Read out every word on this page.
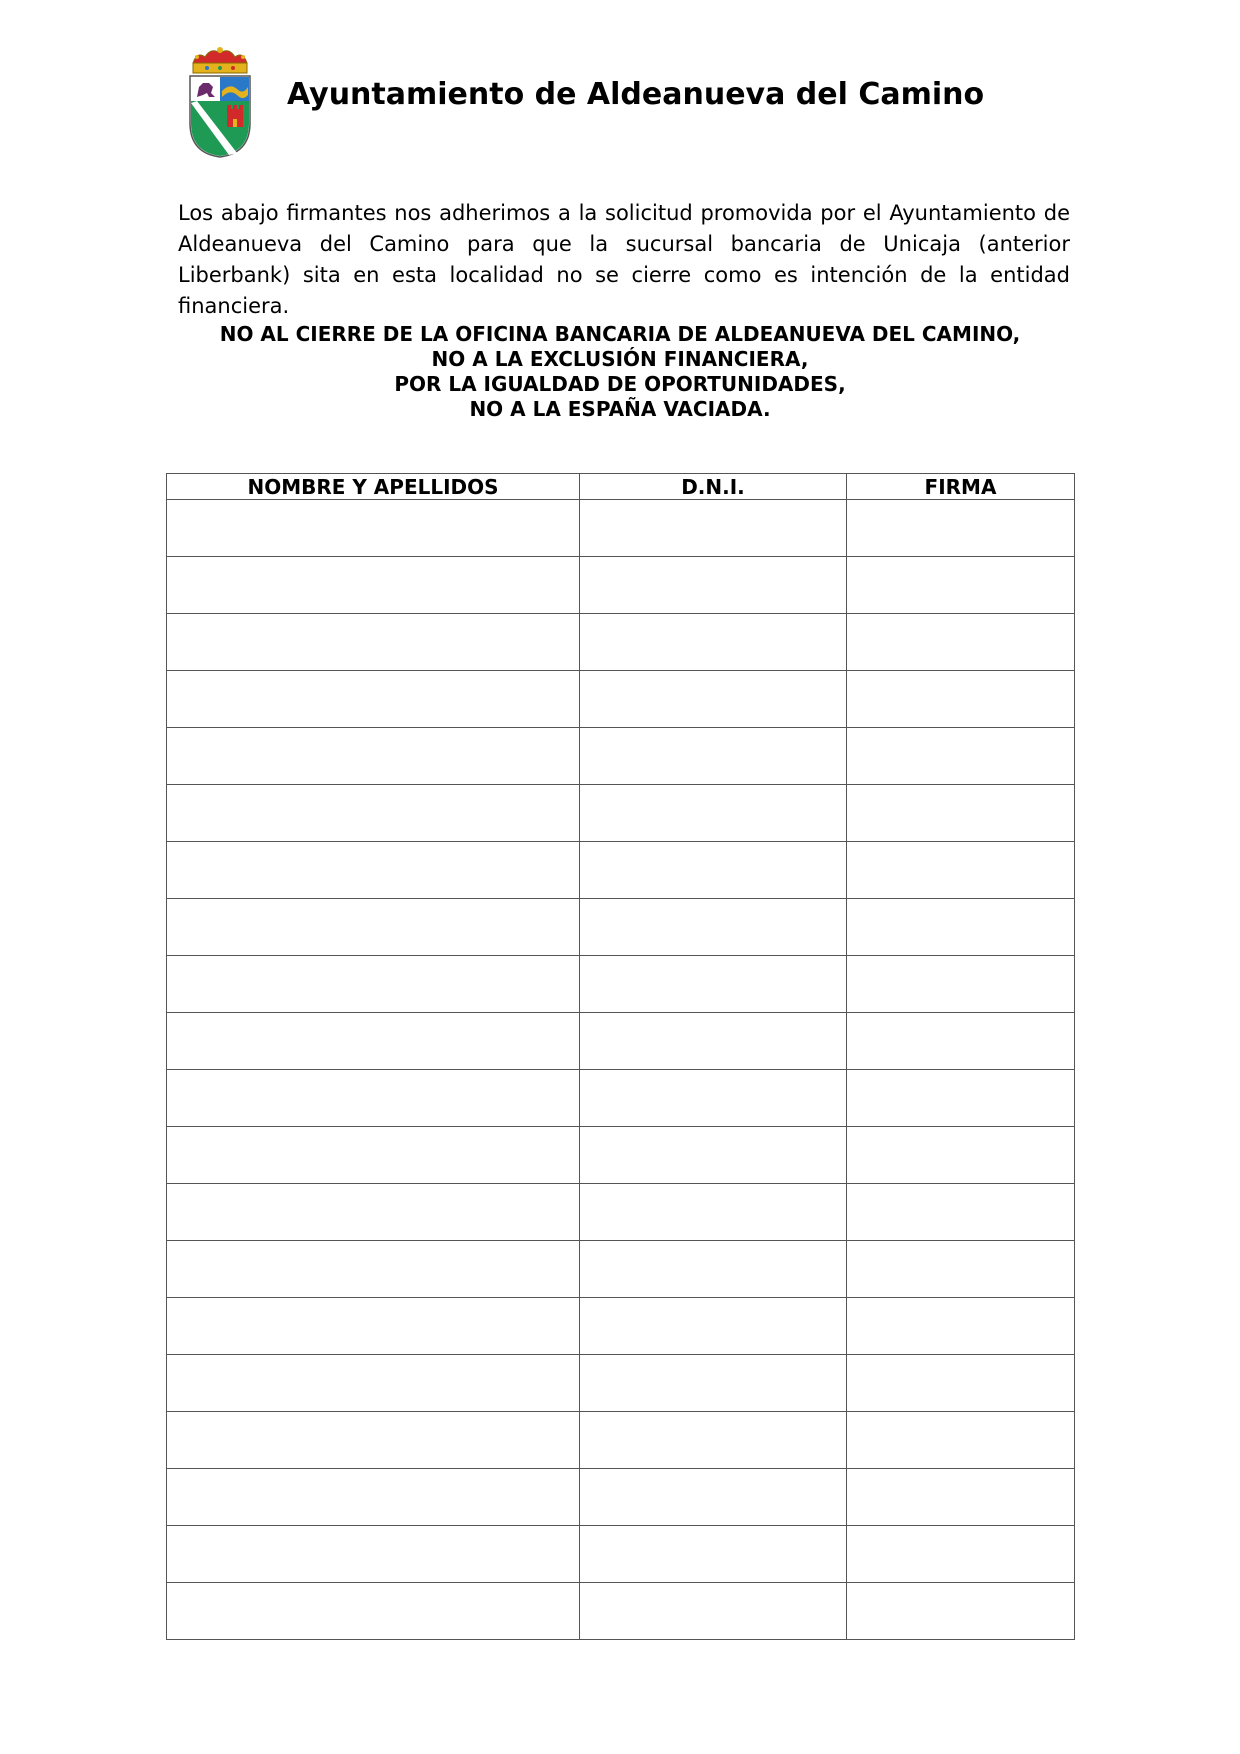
Ayuntamiento de Aldeanueva del Camino

Los abajo firmantes nos adherimos a la solicitud promovida por el Ayuntamiento de Aldeanueva del Camino para que la sucursal bancaria de Unicaja (anterior Liberbank) sita en esta localidad no se cierre como es intención de la entidad financiera.

NO AL CIERRE DE LA OFICINA BANCARIA DE ALDEANUEVA DEL CAMINO,
NO A LA EXCLUSIÓN FINANCIERA,
POR LA IGUALDAD DE OPORTUNIDADES,
NO A LA ESPAÑA VACIADA.
NOMBRE Y APELLIDOS	D.N.I.	FIRMA
